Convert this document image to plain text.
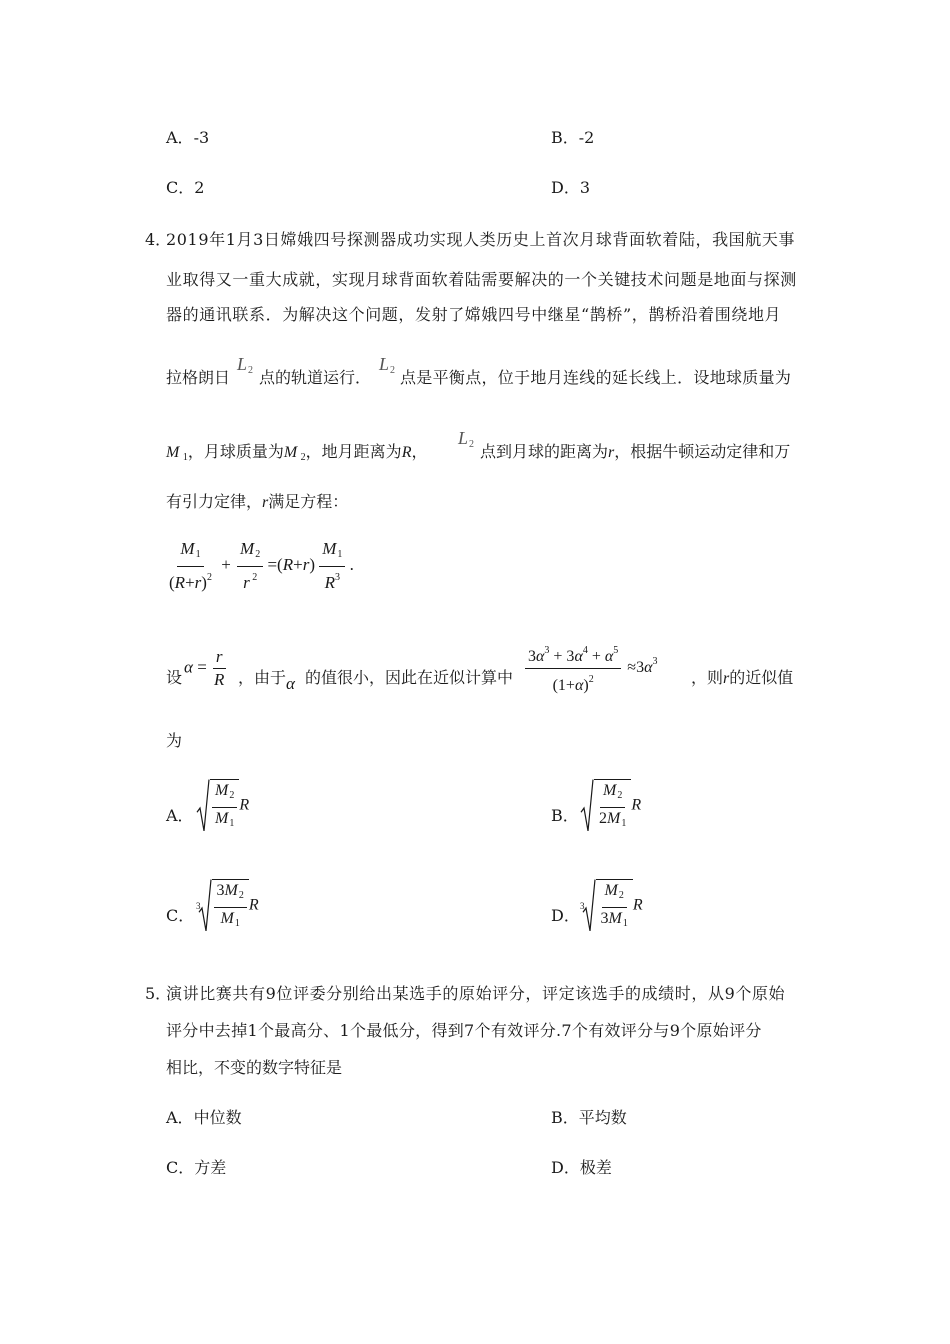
A．-3	B．-2
C．2	D．3
4．
2019年1月3日嫦娥四号探测器成功实现人类历史上首次月球背面软着陆，我国航天事
业取得又一重大成就，实现月球背面软着陆需要解决的一个关键技术问题是地面与探测
器的通讯联系．为解决这个问题，发射了嫦娥四号中继星“鹊桥”，鹊桥沿着围绕地月
拉格朗日
$L_2$ 点的轨道运行．
$L_2$ 点是平衡点，位于地月连线的延长线上．设地球质量为
M $_1$，月球质量为M $_2$，地月距离为R，
$L_2$ 点到月球的距离为r，根据牛顿运动定律和万
有引力定律，r满足方程：
$\frac{M_1}{(R+r)^2} + \frac{M_2}{r ^2} =(R+r) \frac{M_1}{R^3}$ .
设
$\alpha = \frac{r}{R}$ ，由于 α 的值很小，因此在近似计算中 $\frac{3\alpha^3 + 3\alpha^4 + \alpha^5}{(1+\alpha)^2} \approx 3\alpha^3$
，则r的近似值
为
A． $\frac{M_2}{M_1}$ R
B． $\frac{M_2}{2M_1}$ R
C． $3 \frac{3M_2}{M_1}$ R
D． $3 \frac{M_2}{3M_1}$ R
5．
演讲比赛共有9位评委分别给出某选手的原始评分，评定该选手的成绩时，从9个原始
评分中去掉1个最高分、1个最低分，得到7个有效评分.7个有效评分与9个原始评分
相比，不变的数字特征是
A．中位数	B．平均数
C．方差	D．极差
